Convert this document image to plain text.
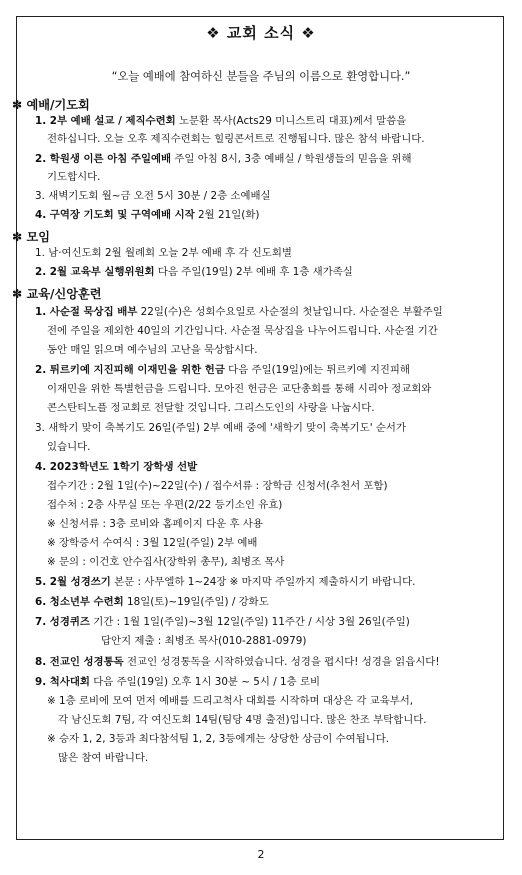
❖ 교회 소식 ❖
“오늘 예배에 참여하신 분들을 주님의 이름으로 환영합니다.”
✽ 예배/기도회
1. 2부 예배 설교 / 제직수련회 노문환 목사(Acts29 미니스트리 대표)께서 말씀을
전하십니다. 오늘 오후 제직수련회는 힐링콘서트로 진행됩니다. 많은 참석 바랍니다.
2. 학원생 이른 아침 주일예배 주일 아침 8시, 3층 예배실 / 학원생들의 믿음을 위해
기도합시다.
3. 새벽기도회 월~금 오전 5시 30분 / 2층 소예배실
4. 구역장 기도회 및 구역예배 시작 2월 21일(화)
✽ 모임
1. 남·여신도회 2월 월례회 오늘 2부 예배 후 각 신도회별
2. 2월 교육부 실행위원회 다음 주일(19일) 2부 예배 후 1층 새가족실
✽ 교육/신앙훈련
1. 사순절 묵상집 배부 22일(수)은 성회수요일로 사순절의 첫날입니다. 사순절은 부활주일
전에 주일을 제외한 40일의 기간입니다. 사순절 묵상집을 나누어드립니다. 사순절 기간
동안 매일 읽으며 예수님의 고난을 묵상합시다.
2. 튀르키예 지진피해 이재민을 위한 헌금 다음 주일(19일)에는 튀르키예 지진피해
이재민을 위한 특별헌금을 드립니다. 모아진 헌금은 교단총회를 통해 시리아 정교회와
콘스탄티노플 정교회로 전달할 것입니다. 그리스도인의 사랑을 나눕시다.
3. 새학기 맞이 축복기도 26일(주일) 2부 예배 중에 '새학기 맞이 축복기도' 순서가
있습니다.
4. 2023학년도 1학기 장학생 선발
접수기간 : 2월 1일(수)~22일(수) / 접수서류 : 장학금 신청서(추천서 포함)
접수처 : 2층 사무실 또는 우편(2/22 등기소인 유효)
※ 신청서류 : 3층 로비와 홈페이지 다운 후 사용
※ 장학증서 수여식 : 3월 12일(주일) 2부 예배
※ 문의 : 이건호 안수집사(장학위 총무), 최병조 목사
5. 2월 성경쓰기 본문 : 사무엘하 1~24장 ※ 마지막 주일까지 제출하시기 바랍니다.
6. 청소년부 수련회 18일(토)~19일(주일) / 강화도
7. 성경퀴즈 기간 : 1월 1일(주일)~3월 12일(주일) 11주간 / 시상 3월 26일(주일)
답안지 제출 : 최병조 목사(010-2881-0979)
8. 전교인 성경통독 전교인 성경통독을 시작하였습니다. 성경을 폅시다! 성경을 읽읍시다!
9. 척사대회 다음 주일(19일) 오후 1시 30분 ~ 5시 / 1층 로비
※ 1층 로비에 모여 먼저 예배를 드리고척사 대회를 시작하며 대상은 각 교육부서,
각 남신도회 7팀, 각 여신도회 14팀(팀당 4명 출전)입니다. 많은 찬조 부탁합니다.
※ 승자 1, 2, 3등과 최다참석팀 1, 2, 3등에게는 상당한 상금이 수여됩니다.
많은 참여 바랍니다.
2
